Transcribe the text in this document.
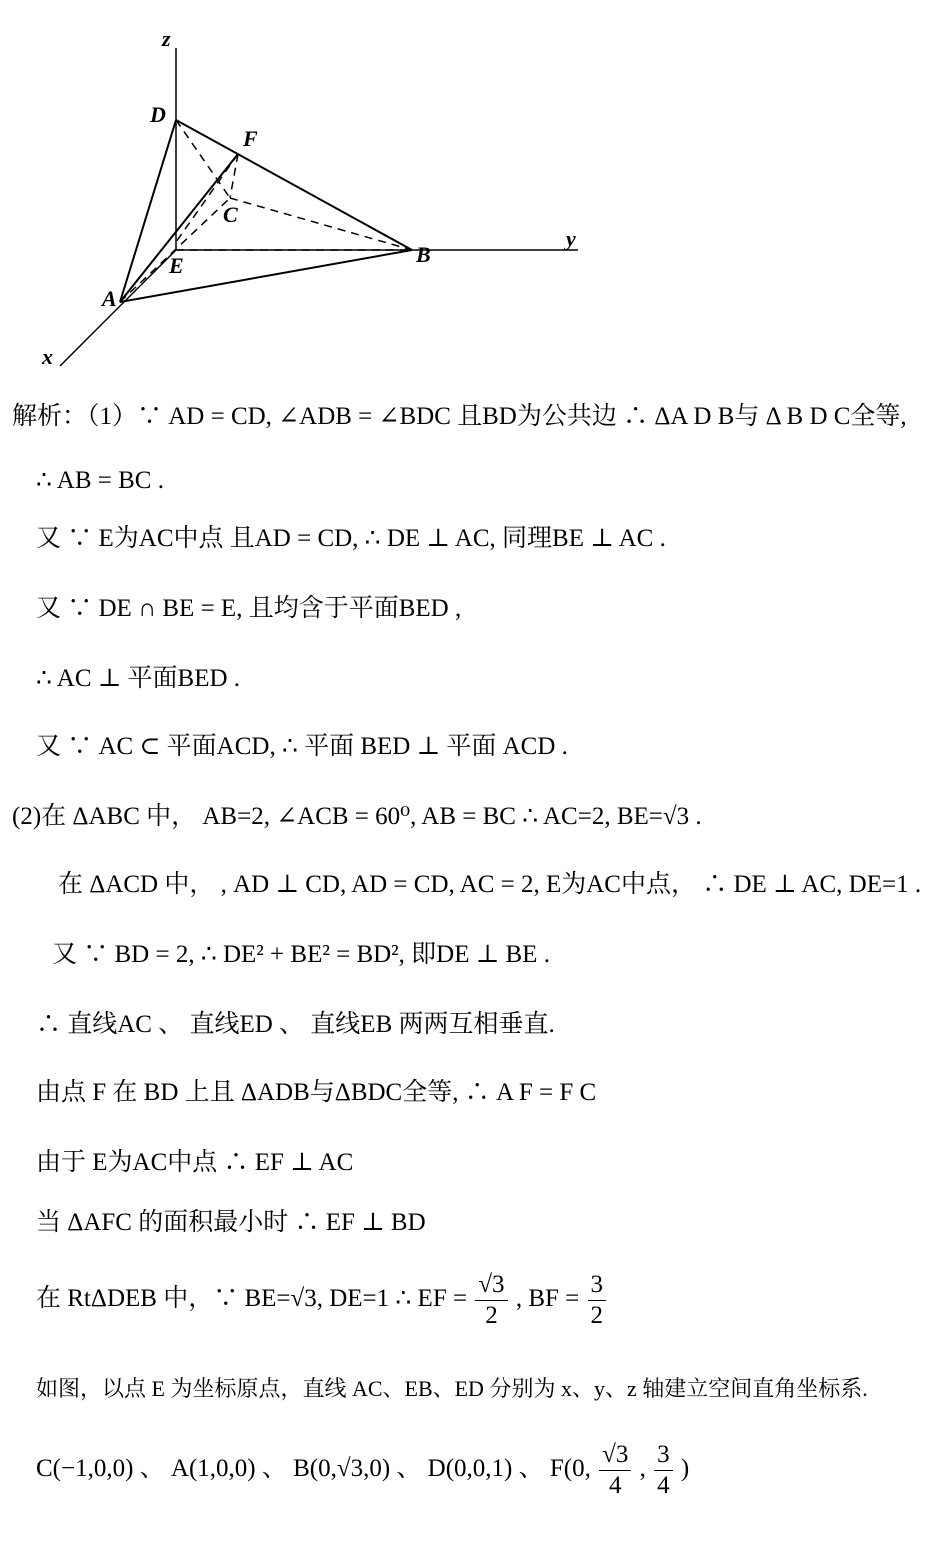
z
D
F
C
E	B
y
A
x
解析：（1）∵ AD = CD, ∠ADB = ∠BDC 且BD为公共边 ∴ ΔA D B与 Δ B D C全等,
∴ AB = BC .
又 ∵ E为AC中点 且AD = CD, ∴ DE ⊥ AC, 同理BE ⊥ AC .
又 ∵ DE ∩ BE = E, 且均含于平面BED ,
∴ AC ⊥ 平面BED .
又 ∵ AC ⊂ 平面ACD, ∴ 平面 BED ⊥ 平面 ACD .
(2)在 ΔABC 中， AB=2, ∠ACB = 60⁰, AB = BC ∴ AC=2, BE=√3 .
在 ΔACD 中， , AD ⊥ CD, AD = CD, AC = 2, E为AC中点， ∴ DE ⊥ AC, DE=1 .
又 ∵ BD = 2, ∴ DE² + BE² = BD², 即DE ⊥ BE .
∴ 直线AC 、 直线ED 、 直线EB 两两互相垂直.
由点 F 在 BD 上且 ΔADB与ΔBDC全等, ∴ A F = F C
由于 E为AC中点 ∴ EF ⊥ AC
当 ΔAFC 的面积最小时 ∴ EF ⊥ BD
在 RtΔDEB 中，∵ BE=√3, DE=1 ∴ EF = $\frac{√3}{2}$ , BF = $\frac{3}{2}$
如图，以点 E 为坐标原点，直线 AC、EB、ED 分别为 x、y、z 轴建立空间直角坐标系.
C(−1,0,0) 、 A(1,0,0) 、 B(0,√3,0) 、 D(0,0,1) 、 F(0, $\frac{√3}{4}$ , $\frac{3}{4}$ )
